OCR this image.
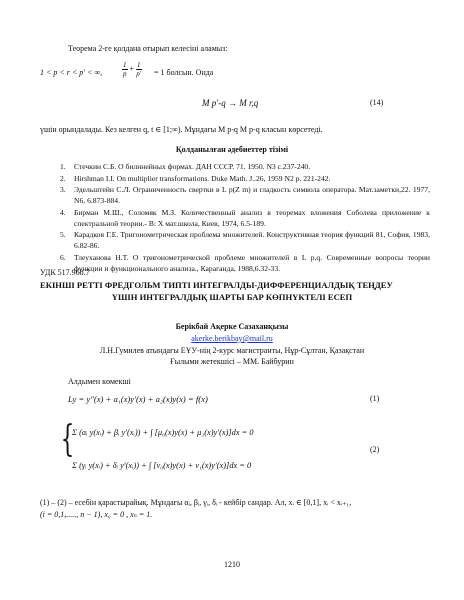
Теорема 2-ге қолдана отырып келесіні аламыз:
1 < p < r < p′ < ∞,	$\frac{1}{p} + \frac{1}{p'} = 1$ болсын. Онда
M p′-q → M r,q	(14)
үшін орындалады. Кез келген q, t ∈ [1;∞). Мұндағы M p-q M p-q класын көрсетеді.
Қолданылған әдебиеттер тізімі
1. Стечкин С.Б. О билинейных формах. ДАН СССР. 71. 1950. N3 с.237-240.
2. Hirshman I.I. On multiplier transformations. Duke Math. J..26, 1959 N2 p. 221-242.
3. Эдельштейн С.Л. Ограниченность свертки в L p(Z m) и гладкость символа оператора. Мат.заметки,22. 1977, N6, 6.873-884.
4. Бирман М.Ш., Соломяк М.З. Количественный анализ в теоремах вложения Соболева приложение к спектральной теории.- В: Х мат.школа, Киев, 1974, 6.5-189.
5. Карадков Г.Е. Тригонометрическая проблема множителей. Конструктивная теория функций 81, София, 1983, 6.82-86.
6. Тлеуханова Н.Т. О тригонометрической проблеме множителей в L p,q. Современные вопросы теории функции и функционального анализа., Караганда, 1988,6.32-33.
УДК 517.968.7
ЕКІНШІ РЕТТІ ФРЕДГОЛЬМ ТИПТІ ИНТЕГРАЛДЫ-ДИФФЕРЕНЦИАЛДЫҚ ТЕҢДЕУ
ҮШІН ИНТЕГРАЛДЫҚ ШАРТЫ БАР КӨПНҮКТЕЛІ ЕСЕП
Берікбай Ақерке Сазаханқызы
akerke.berikbay@mail.ru
Л.Н.Гумилев атындағы ЕҰУ-нің 2-курс магистранты, Нұр-Сұлтан, Қазақстан
Ғылыми жетекшісі – ММ. Байбурин
Алдымен көмекші
Ly = y″(x) + a₁(x)y′(x) + a₂(x)y(x) = f(x)	(1)
{
Σ (αᵢ y(xᵢ) + βᵢ y′(xᵢ)) + ∫ [μ₀(x)y(x) + μ₁(x)y′(x)]dx = 0
Σ (γᵢ y(xᵢ) + δᵢ y′(xᵢ)) + ∫ [ν₀(x)y(x) + ν₁(x)y′(x)]dx = 0
(2)
(1) – (2) – есебін қарастырайық. Мұндағы αᵢ, βᵢ, γᵢ, δᵢ - кейбір сандар. Ал, xᵢ ∈ [0,1], xᵢ < xᵢ₊₁,
(i = 0,1,....., n − 1), x₀ = 0 , xₙ = 1.
1210
